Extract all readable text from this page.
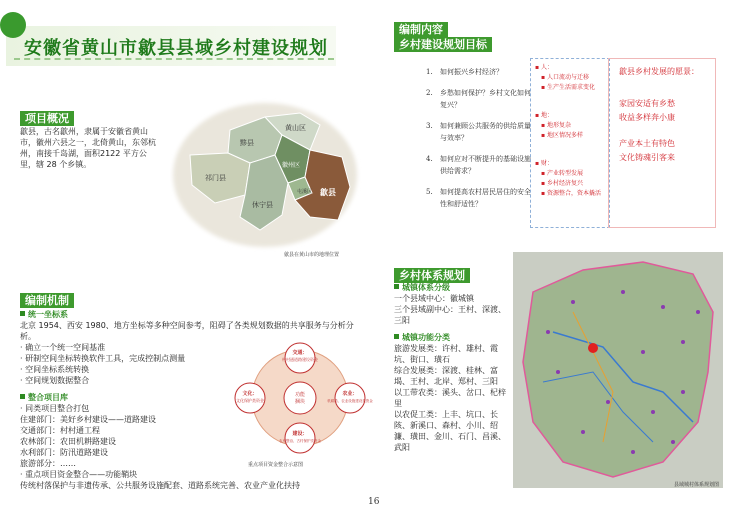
安徽省黄山市歙县县域乡村建设规划
项目概况
歙县，古名歙州，隶属于安徽省黄山市，徽州六县之一，北倚黄山，东邻杭州，南接千岛湖，面积2122 平方公里，辖 28 个乡镇。
黟县
祁门县
黄山区
休宁县
徽州区
屯溪区 歙县
歙县在黄山市的地理位置
编制机制
统一坐标系
北京 1954、西安 1980、地方坐标等多种空间参考，阻碍了各类规划数据的共享服务与分析分析。
· 确立一个统一空间基准
· 研制空间坐标转换软件工具，完成控制点测量
· 空间坐标系统转换
· 空间规划数据整合
整合项目库
· 同类项目整合打包
住建部门：美好乡村建设——道路建设
交通部门：村村通工程
农林部门：农田机耕路建设
水利部门：防汛道路建设
旅游部分：……
· 重点项目资金整合——功能鞘块
传统村落保护与非遗传承、公共服务设施配套、道路系统完善、农业产业化扶持
功能
捆块
交通：
村村通道路建设资金
文化：
文化保护类资金
农业：
机耕路、农业设施建设类资金
建设：
农房整治、古村保护类资金
重点项目资金整合示意图
编制内容
乡村建设规划目标
1.	如何振兴乡村经济？
2.	乡愁如何保护？乡村文化如何复兴？
3.	如何兼顾公共服务的供给质量与效率？
4.	如何应对不断提升的基础设施供给需求？
5.	如何提高农村居民居住的安全性和舒适性？
▪ 人：
▪ 人口流动与迁移
▪ 生产生活需求变化
▪ 地：
▪ 地形复杂
▪ 地区情况多样
▪ 财：
▪ 产业转型发展
▪ 乡村经济复兴
▪ 资源整合，资本撬活
歙县乡村发展的愿景：
家园安适有乡愁
收益多样奔小康
产业本土有特色
文化铸魂引客来
乡村体系规划
城镇体系分级
一个县域中心：徽城镇
三个县域副中心：王村、深渡、三阳
城镇功能分类
旅游发展类：许村、雄村、霞坑、街口、璜石
综合发展类：深渡、桂林、富堨、王村、北岸、郑村、三阳
以工带农类：溪头、岔口、杞梓里
以农促工类：上丰、坑口、长陔、新溪口、森村、小川、绍濂、璜田、金川、石门、昌溪、武阳
县域城村体系规划图
16
